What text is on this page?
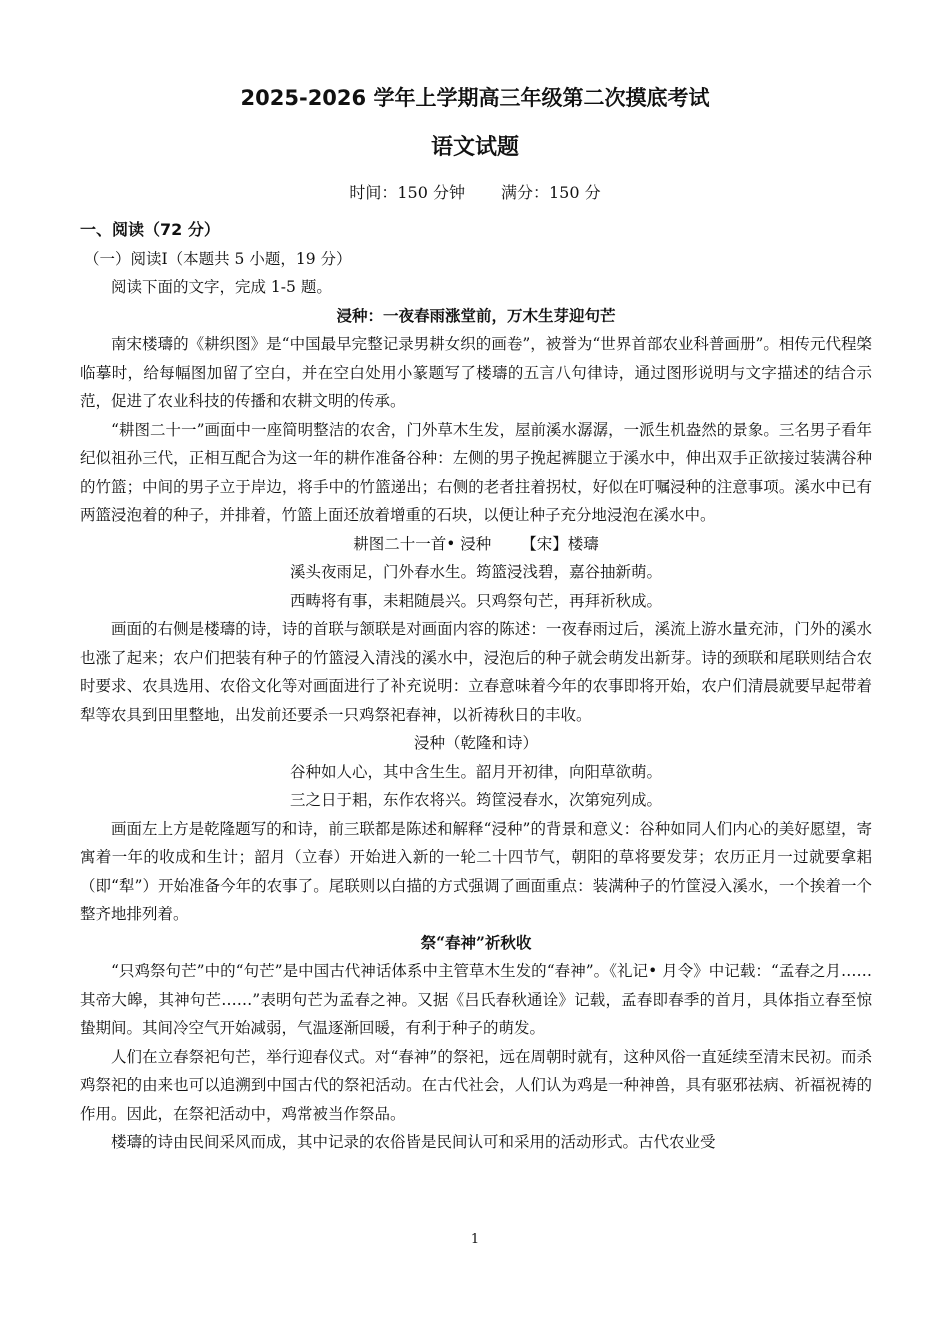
2025-2026 学年上学期高三年级第二次摸底考试
语文试题
时间：150 分钟 满分：150 分

一、阅读（72 分）

（一）阅读Ⅰ（本题共 5 小题，19 分）

阅读下面的文字，完成 1-5 题。

浸种：一夜春雨涨堂前，万木生芽迎句芒

南宋楼璹的《耕织图》是“中国最早完整记录男耕女织的画卷”，被誉为“世界首部农业科普画册”。相传元代程棨临摹时，给每幅图加留了空白，并在空白处用小篆题写了楼璹的五言八句律诗，通过图形说明与文字描述的结合示范，促进了农业科技的传播和农耕文明的传承。

“耕图二十一”画面中一座简明整洁的农舍，门外草木生发，屋前溪水潺潺，一派生机盎然的景象。三名男子看年纪似祖孙三代，正相互配合为这一年的耕作准备谷种：左侧的男子挽起裤腿立于溪水中，伸出双手正欲接过装满谷种的竹篮；中间的男子立于岸边，将手中的竹篮递出；右侧的老者拄着拐杖，好似在叮嘱浸种的注意事项。溪水中已有两篮浸泡着的种子，并排着，竹篮上面还放着增重的石块，以便让种子充分地浸泡在溪水中。

耕图二十一首• 浸种 【宋】楼璹

溪头夜雨足，门外春水生。筠篮浸浅碧，嘉谷抽新萌。

西畴将有事，耒耜随晨兴。只鸡祭句芒，再拜祈秋成。

画面的右侧是楼璹的诗，诗的首联与颔联是对画面内容的陈述：一夜春雨过后，溪流上游水量充沛，门外的溪水也涨了起来；农户们把装有种子的竹篮浸入清浅的溪水中，浸泡后的种子就会萌发出新芽。诗的颈联和尾联则结合农时要求、农具选用、农俗文化等对画面进行了补充说明：立春意味着今年的农事即将开始，农户们清晨就要早起带着犁等农具到田里整地，出发前还要杀一只鸡祭祀春神，以祈祷秋日的丰收。

浸种（乾隆和诗）

谷种如人心，其中含生生。韶月开初律，向阳草欲萌。

三之日于耜，东作农将兴。筠筐浸春水，次第宛列成。

画面左上方是乾隆题写的和诗，前三联都是陈述和解释“浸种”的背景和意义：谷种如同人们内心的美好愿望，寄寓着一年的收成和生计；韶月（立春）开始进入新的一轮二十四节气，朝阳的草将要发芽；农历正月一过就要拿耜（即“犁”）开始准备今年的农事了。尾联则以白描的方式强调了画面重点：装满种子的竹筐浸入溪水，一个挨着一个整齐地排列着。

祭“春神”祈秋收

“只鸡祭句芒”中的“句芒”是中国古代神话体系中主管草木生发的“春神”。《礼记• 月令》中记载：“孟春之月……其帝大皞，其神句芒……”表明句芒为孟春之神。又据《吕氏春秋通诠》记载，孟春即春季的首月，具体指立春至惊蛰期间。其间冷空气开始减弱，气温逐渐回暖，有利于种子的萌发。

人们在立春祭祀句芒，举行迎春仪式。对“春神”的祭祀，远在周朝时就有，这种风俗一直延续至清末民初。而杀鸡祭祀的由来也可以追溯到中国古代的祭祀活动。在古代社会，人们认为鸡是一种神兽，具有驱邪祛病、祈福祝祷的作用。因此，在祭祀活动中，鸡常被当作祭品。

楼璹的诗由民间采风而成，其中记录的农俗皆是民间认可和采用的活动形式。古代农业受

1
